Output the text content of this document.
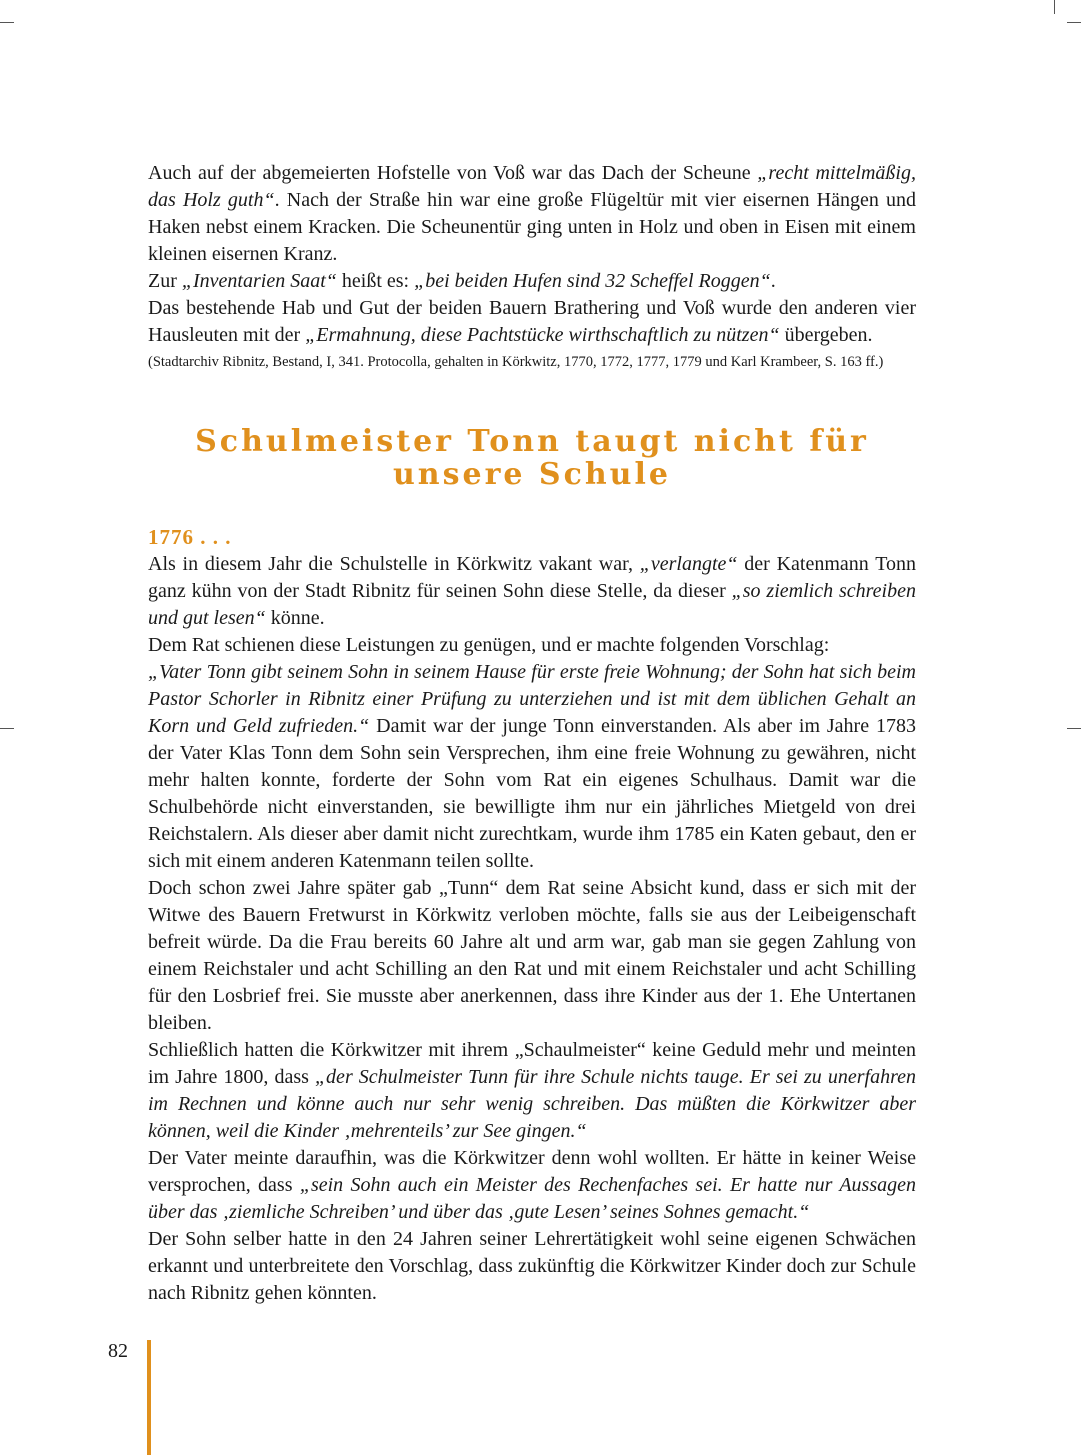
Auch auf der abgemeierten Hofstelle von Voß war das Dach der Scheune „recht mittelmäßig, das Holz guth“. Nach der Straße hin war eine große Flügeltür mit vier eisernen Hängen und Haken nebst einem Kracken. Die Scheunentür ging unten in Holz und oben in Eisen mit einem kleinen eisernen Kranz.

Zur „Inventarien Saat“ heißt es: „bei beiden Hufen sind 32 Scheffel Roggen“.

Das bestehende Hab und Gut der beiden Bauern Brathering und Voß wurde den anderen vier Hausleuten mit der „Ermahnung, diese Pachtstücke wirthschaftlich zu nützen“ übergeben.

(Stadtarchiv Ribnitz, Bestand, I, 341. Protocolla, gehalten in Körkwitz, 1770, 1772, 1777, 1779 und Karl Krambeer, S. 163 ff.)

Schulmeister Tonn taugt nicht für
unsere Schule

1776 . . .

Als in diesem Jahr die Schulstelle in Körkwitz vakant war, „verlangte“ der Katenmann Tonn ganz kühn von der Stadt Ribnitz für seinen Sohn diese Stelle, da dieser „so ziemlich schreiben und gut lesen“ könne.

Dem Rat schienen diese Leistungen zu genügen, und er machte folgenden Vorschlag:

„Vater Tonn gibt seinem Sohn in seinem Hause für erste freie Wohnung; der Sohn hat sich beim Pastor Schorler in Ribnitz einer Prüfung zu unterziehen und ist mit dem üblichen Gehalt an Korn und Geld zufrieden.“ Damit war der junge Tonn einverstanden. Als aber im Jahre 1783 der Vater Klas Tonn dem Sohn sein Versprechen, ihm eine freie Wohnung zu gewähren, nicht mehr halten konnte, forderte der Sohn vom Rat ein eigenes Schulhaus. Damit war die Schulbehörde nicht einverstanden, sie bewilligte ihm nur ein jährliches Mietgeld von drei Reichstalern. Als dieser aber damit nicht zurechtkam, wurde ihm 1785 ein Katen gebaut, den er sich mit einem anderen Katenmann teilen sollte.

Doch schon zwei Jahre später gab „Tunn“ dem Rat seine Absicht kund, dass er sich mit der Witwe des Bauern Fretwurst in Körkwitz verloben möchte, falls sie aus der Leibeigenschaft befreit würde. Da die Frau bereits 60 Jahre alt und arm war, gab man sie gegen Zahlung von einem Reichstaler und acht Schilling an den Rat und mit einem Reichstaler und acht Schilling für den Losbrief frei. Sie musste aber anerkennen, dass ihre Kinder aus der 1. Ehe Untertanen bleiben.

Schließlich hatten die Körkwitzer mit ihrem „Schaulmeister“ keine Geduld mehr und meinten im Jahre 1800, dass „der Schulmeister Tunn für ihre Schule nichts tauge. Er sei zu unerfahren im Rechnen und könne auch nur sehr wenig schreiben. Das müßten die Körkwitzer aber können, weil die Kinder ‚mehrenteils’ zur See gingen.“

Der Vater meinte daraufhin, was die Körkwitzer denn wohl wollten. Er hätte in keiner Weise versprochen, dass „sein Sohn auch ein Meister des Rechenfaches sei. Er hatte nur Aussagen über das ‚ziemliche Schreiben’ und über das ‚gute Lesen’ seines Sohnes gemacht.“

Der Sohn selber hatte in den 24 Jahren seiner Lehrertätigkeit wohl seine eigenen Schwächen erkannt und unterbreitete den Vorschlag, dass zukünftig die Körkwitzer Kinder doch zur Schule nach Ribnitz gehen könnten.

82
